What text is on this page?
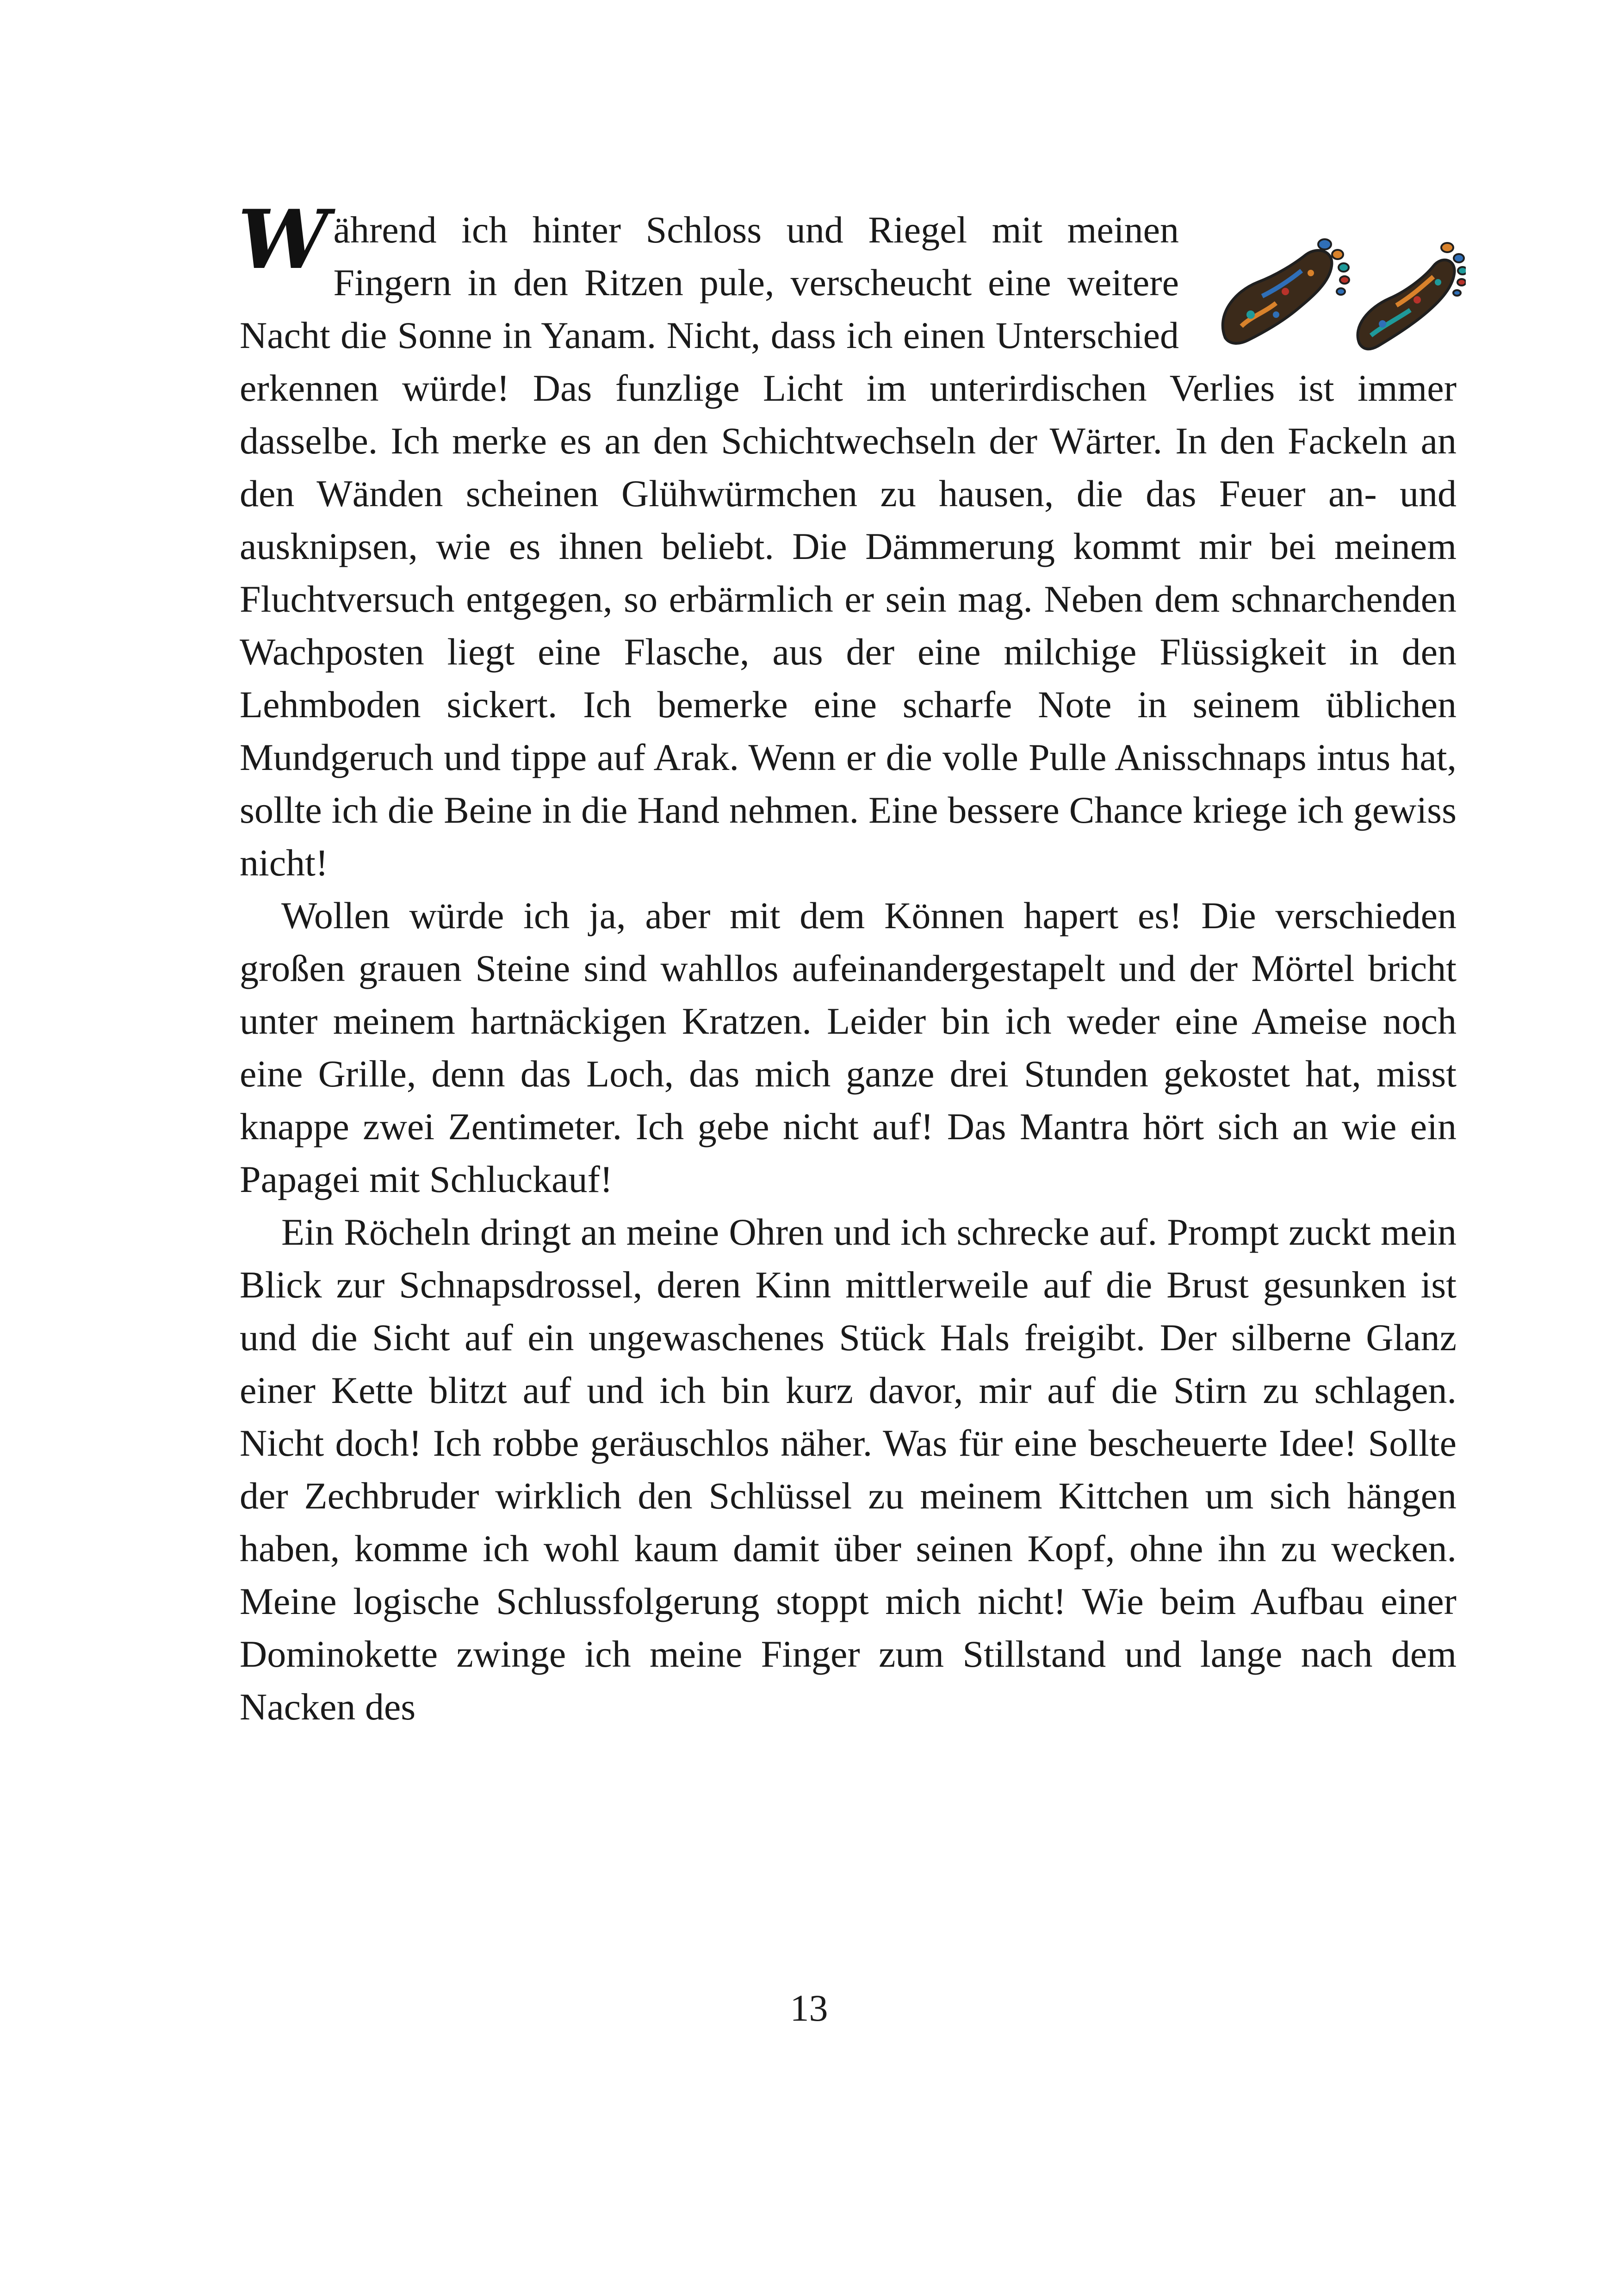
Während ich hinter Schloss und Riegel mit meinen Fingern in den Ritzen pule, verscheucht eine weitere Nacht die Sonne in Yanam. Nicht, dass ich einen Unterschied erkennen würde! Das funzlige Licht im unterirdischen Verlies ist immer dasselbe. Ich merke es an den Schichtwechseln der Wärter. In den Fackeln an den Wänden scheinen Glühwürmchen zu hausen, die das Feuer an- und ausknipsen, wie es ihnen beliebt. Die Dämmerung kommt mir bei meinem Fluchtversuch entgegen, so erbärmlich er sein mag. Neben dem schnarchenden Wachposten liegt eine Flasche, aus der eine milchige Flüssigkeit in den Lehmboden sickert. Ich bemerke eine scharfe Note in seinem üblichen Mundgeruch und tippe auf Arak. Wenn er die volle Pulle Anisschnaps intus hat, sollte ich die Beine in die Hand nehmen. Eine bessere Chance kriege ich gewiss nicht!

Wollen würde ich ja, aber mit dem Können hapert es! Die verschieden großen grauen Steine sind wahllos aufeinandergestapelt und der Mörtel bricht unter meinem hartnäckigen Kratzen. Leider bin ich weder eine Ameise noch eine Grille, denn das Loch, das mich ganze drei Stunden gekostet hat, misst knappe zwei Zentimeter. Ich gebe nicht auf! Das Mantra hört sich an wie ein Papagei mit Schluckauf!

Ein Röcheln dringt an meine Ohren und ich schrecke auf. Prompt zuckt mein Blick zur Schnapsdrossel, deren Kinn mittlerweile auf die Brust gesunken ist und die Sicht auf ein ungewaschenes Stück Hals freigibt. Der silberne Glanz einer Kette blitzt auf und ich bin kurz davor, mir auf die Stirn zu schlagen. Nicht doch! Ich robbe geräuschlos näher. Was für eine bescheuerte Idee! Sollte der Zechbruder wirklich den Schlüssel zu meinem Kittchen um sich hängen haben, komme ich wohl kaum damit über seinen Kopf, ohne ihn zu wecken. Meine logische Schlussfolgerung stoppt mich nicht! Wie beim Aufbau einer Dominokette zwinge ich meine Finger zum Stillstand und lange nach dem Nacken des

13
